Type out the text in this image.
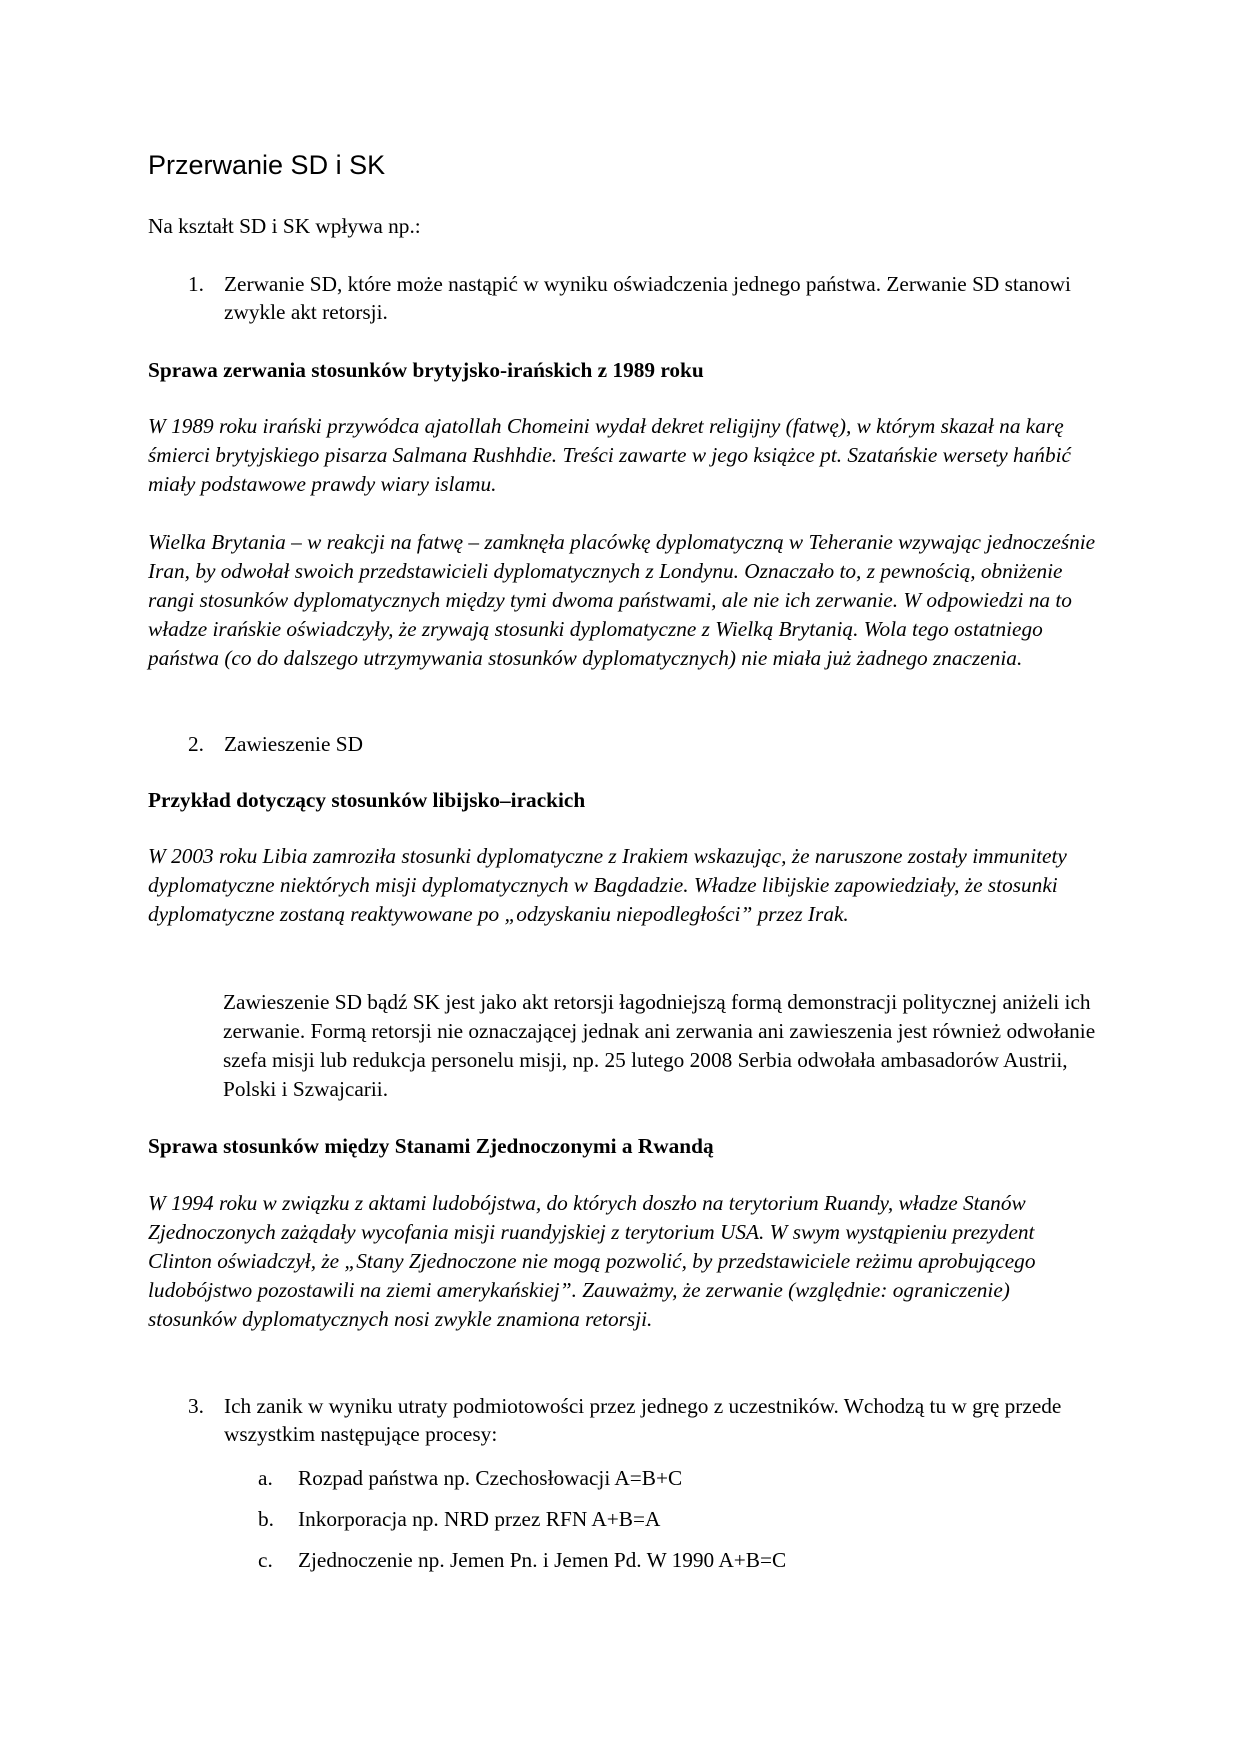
Przerwanie SD i SK

Na kształt SD i SK wpływa np.:

1. Zerwanie SD, które może nastąpić w wyniku oświadczenia jednego państwa. Zerwanie SD stanowi zwykle akt retorsji.

Sprawa zerwania stosunków brytyjsko-irańskich z 1989 roku

W 1989 roku irański przywódca ajatollah Chomeini wydał dekret religijny (fatwę), w którym skazał na karę śmierci brytyjskiego pisarza Salmana Rushhdie. Treści zawarte w jego książce pt. Szatańskie wersety hańbić miały podstawowe prawdy wiary islamu.

Wielka Brytania – w reakcji na fatwę – zamknęła placówkę dyplomatyczną w Teheranie wzywając jednocześnie Iran, by odwołał swoich przedstawicieli dyplomatycznych z Londynu. Oznaczało to, z pewnością, obniżenie rangi stosunków dyplomatycznych między tymi dwoma państwami, ale nie ich zerwanie. W odpowiedzi na to władze irańskie oświadczyły, że zrywają stosunki dyplomatyczne z Wielką Brytanią. Wola tego ostatniego państwa (co do dalszego utrzymywania stosunków dyplomatycznych) nie miała już żadnego znaczenia.

2. Zawieszenie SD

Przykład dotyczący stosunków libijsko–irackich

W 2003 roku Libia zamroziła stosunki dyplomatyczne z Irakiem wskazując, że naruszone zostały immunitety dyplomatyczne niektórych misji dyplomatycznych w Bagdadzie. Władze libijskie zapowiedziały, że stosunki dyplomatyczne zostaną reaktywowane po „odzyskaniu niepodległości” przez Irak.

Zawieszenie SD bądź SK jest jako akt retorsji łagodniejszą formą demonstracji politycznej aniżeli ich zerwanie. Formą retorsji nie oznaczającej jednak ani zerwania ani zawieszenia jest również odwołanie szefa misji lub redukcja personelu misji, np. 25 lutego 2008 Serbia odwołała ambasadorów Austrii, Polski i Szwajcarii.

Sprawa stosunków między Stanami Zjednoczonymi a Rwandą

W 1994 roku w związku z aktami ludobójstwa, do których doszło na terytorium Ruandy, władze Stanów Zjednoczonych zażądały wycofania misji ruandyjskiej z terytorium USA. W swym wystąpieniu prezydent Clinton oświadczył, że „Stany Zjednoczone nie mogą pozwolić, by przedstawiciele reżimu aprobującego ludobójstwo pozostawili na ziemi amerykańskiej”. Zauważmy, że zerwanie (względnie: ograniczenie) stosunków dyplomatycznych nosi zwykle znamiona retorsji.

3. Ich zanik w wyniku utraty podmiotowości przez jednego z uczestników. Wchodzą tu w grę przede wszystkim następujące procesy:
a. Rozpad państwa np. Czechosłowacji A=B+C
b. Inkorporacja np. NRD przez RFN A+B=A
c. Zjednoczenie np. Jemen Pn. i Jemen Pd. W 1990 A+B=C
